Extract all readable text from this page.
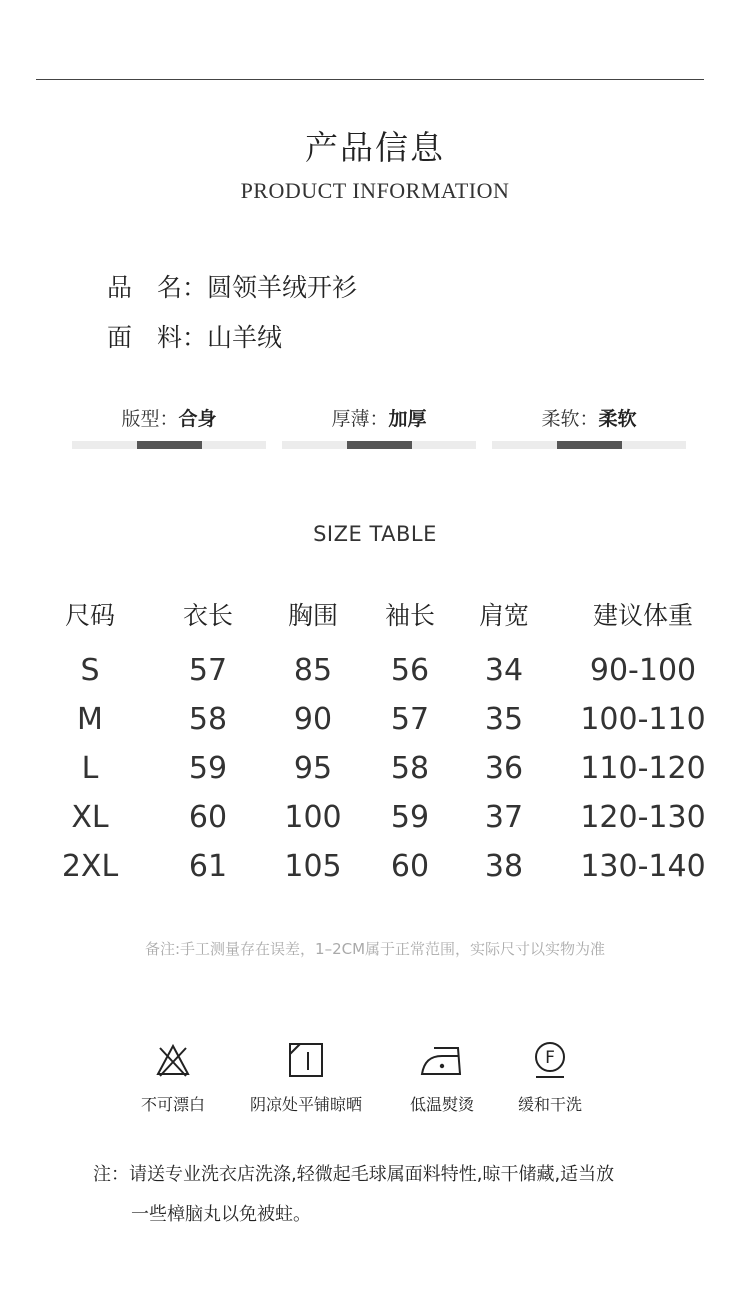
产品信息
PRODUCT INFORMATION
品　名：圆领羊绒开衫
面　料：山羊绒
版型：合身	厚薄：加厚	柔软：柔软
SIZE TABLE
尺码	衣长	胸围	袖长	肩宽	建议体重
S	57	85	56	34	90-100
M	58	90	57	35	100-110
L	59	95	58	36	110-120
XL	60	100	59	37	120-130
2XL	61	105	60	38	130-140
备注:手工测量存在误差，1–2CM属于正常范围，实际尺寸以实物为准
不可漂白	阴凉处平铺晾晒	低温熨烫
F
缓和干洗
注：请送专业洗衣店洗涤,轻微起毛球属面料特性,晾干储藏,适当放
一些樟脑丸以免被蛀。
